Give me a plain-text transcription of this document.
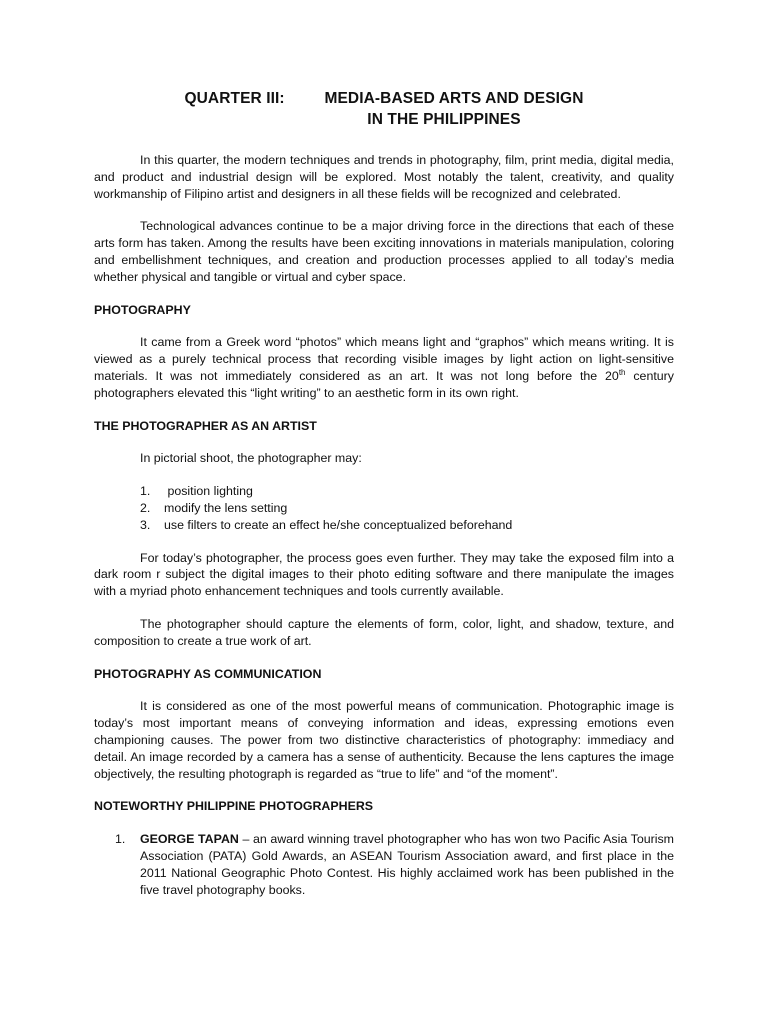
QUARTER III:	MEDIA-BASED ARTS AND DESIGN
IN THE PHILIPPINES

In this quarter, the modern techniques and trends in photography, film, print media, digital media, and product and industrial design will be explored. Most notably the talent, creativity, and quality workmanship of Filipino artist and designers in all these fields will be recognized and celebrated.

Technological advances continue to be a major driving force in the directions that each of these arts form has taken. Among the results have been exciting innovations in materials manipulation, coloring and embellishment techniques, and creation and production processes applied to all today’s media whether physical and tangible or virtual and cyber space.

PHOTOGRAPHY

It came from a Greek word “photos” which means light and “graphos” which means writing. It is viewed as a purely technical process that recording visible images by light action on light-sensitive materials. It was not immediately considered as an art. It was not long before the 20th century photographers elevated this “light writing” to an aesthetic form in its own right.

THE PHOTOGRAPHER AS AN ARTIST

In pictorial shoot, the photographer may:

1.	position lighting
2.	modify the lens setting
3.	use filters to create an effect he/she conceptualized beforehand

For today’s photographer, the process goes even further. They may take the exposed film into a dark room r subject the digital images to their photo editing software and there manipulate the images with a myriad photo enhancement techniques and tools currently available.

The photographer should capture the elements of form, color, light, and shadow, texture, and composition to create a true work of art.

PHOTOGRAPHY AS COMMUNICATION

It is considered as one of the most powerful means of communication. Photographic image is today’s most important means of conveying information and ideas, expressing emotions even championing causes. The power from two distinctive characteristics of photography: immediacy and detail. An image recorded by a camera has a sense of authenticity. Because the lens captures the image objectively, the resulting photograph is regarded as “true to life” and “of the moment”.

NOTEWORTHY PHILIPPINE PHOTOGRAPHERS
1.	GEORGE TAPAN – an award winning travel photographer who has won two Pacific Asia Tourism Association (PATA) Gold Awards, an ASEAN Tourism Association award, and first place in the 2011 National Geographic Photo Contest. His highly acclaimed work has been published in the five travel photography books.
